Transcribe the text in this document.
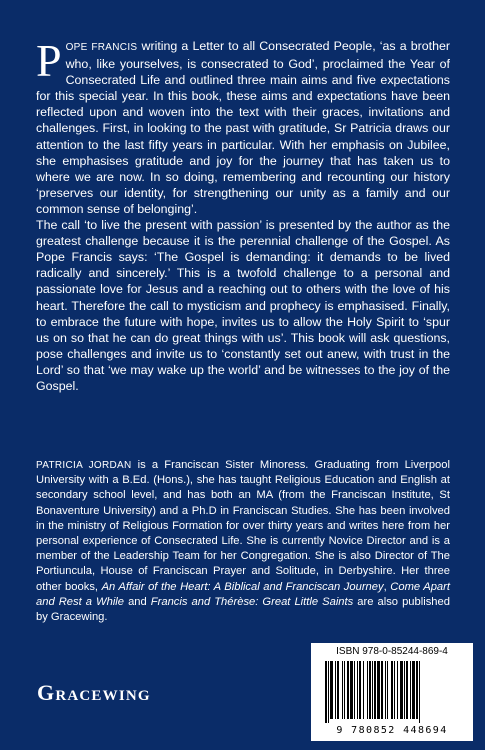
POPE FRANCIS writing a Letter to all Consecrated People, ‘as a brother who, like yourselves, is consecrated to God’, proclaimed the Year of Consecrated Life and outlined three main aims and five expectations for this special year. In this book, these aims and expectations have been reflected upon and woven into the text with their graces, invitations and challenges. First, in looking to the past with gratitude, Sr Patricia draws our attention to the last fifty years in particular. With her emphasis on Jubilee, she emphasises gratitude and joy for the journey that has taken us to where we are now. In so doing, remembering and recounting our history ‘preserves our identity, for strengthening our unity as a family and our common sense of belonging’.

The call ‘to live the present with passion’ is presented by the author as the greatest challenge because it is the perennial challenge of the Gospel. As Pope Francis says: ‘The Gospel is demanding: it demands to be lived radically and sincerely.’ This is a twofold challenge to a personal and passionate love for Jesus and a reaching out to others with the love of his heart. Therefore the call to mysticism and prophecy is emphasised. Finally, to embrace the future with hope, invites us to allow the Holy Spirit to ‘spur us on so that he can do great things with us’. This book will ask questions, pose challenges and invite us to ‘constantly set out anew, with trust in the Lord’ so that ‘we may wake up the world’ and be witnesses to the joy of the Gospel.

PATRICIA JORDAN is a Franciscan Sister Minoress. Graduating from Liverpool University with a B.Ed. (Hons.), she has taught Religious Education and English at secondary school level, and has both an MA (from the Franciscan Institute, St Bonaventure University) and a Ph.D in Franciscan Studies. She has been involved in the ministry of Religious Formation for over thirty years and writes here from her personal experience of Consecrated Life. She is currently Novice Director and is a member of the Leadership Team for her Congregation. She is also Director of The Portiuncula, House of Franciscan Prayer and Solitude, in Derbyshire. Her three other books, An Affair of the Heart: A Biblical and Franciscan Journey, Come Apart and Rest a While and Francis and Thérèse: Great Little Saints are also published by Gracewing.

Gracewing
ISBN 978-0-85244-869-4
9 780852 448694
